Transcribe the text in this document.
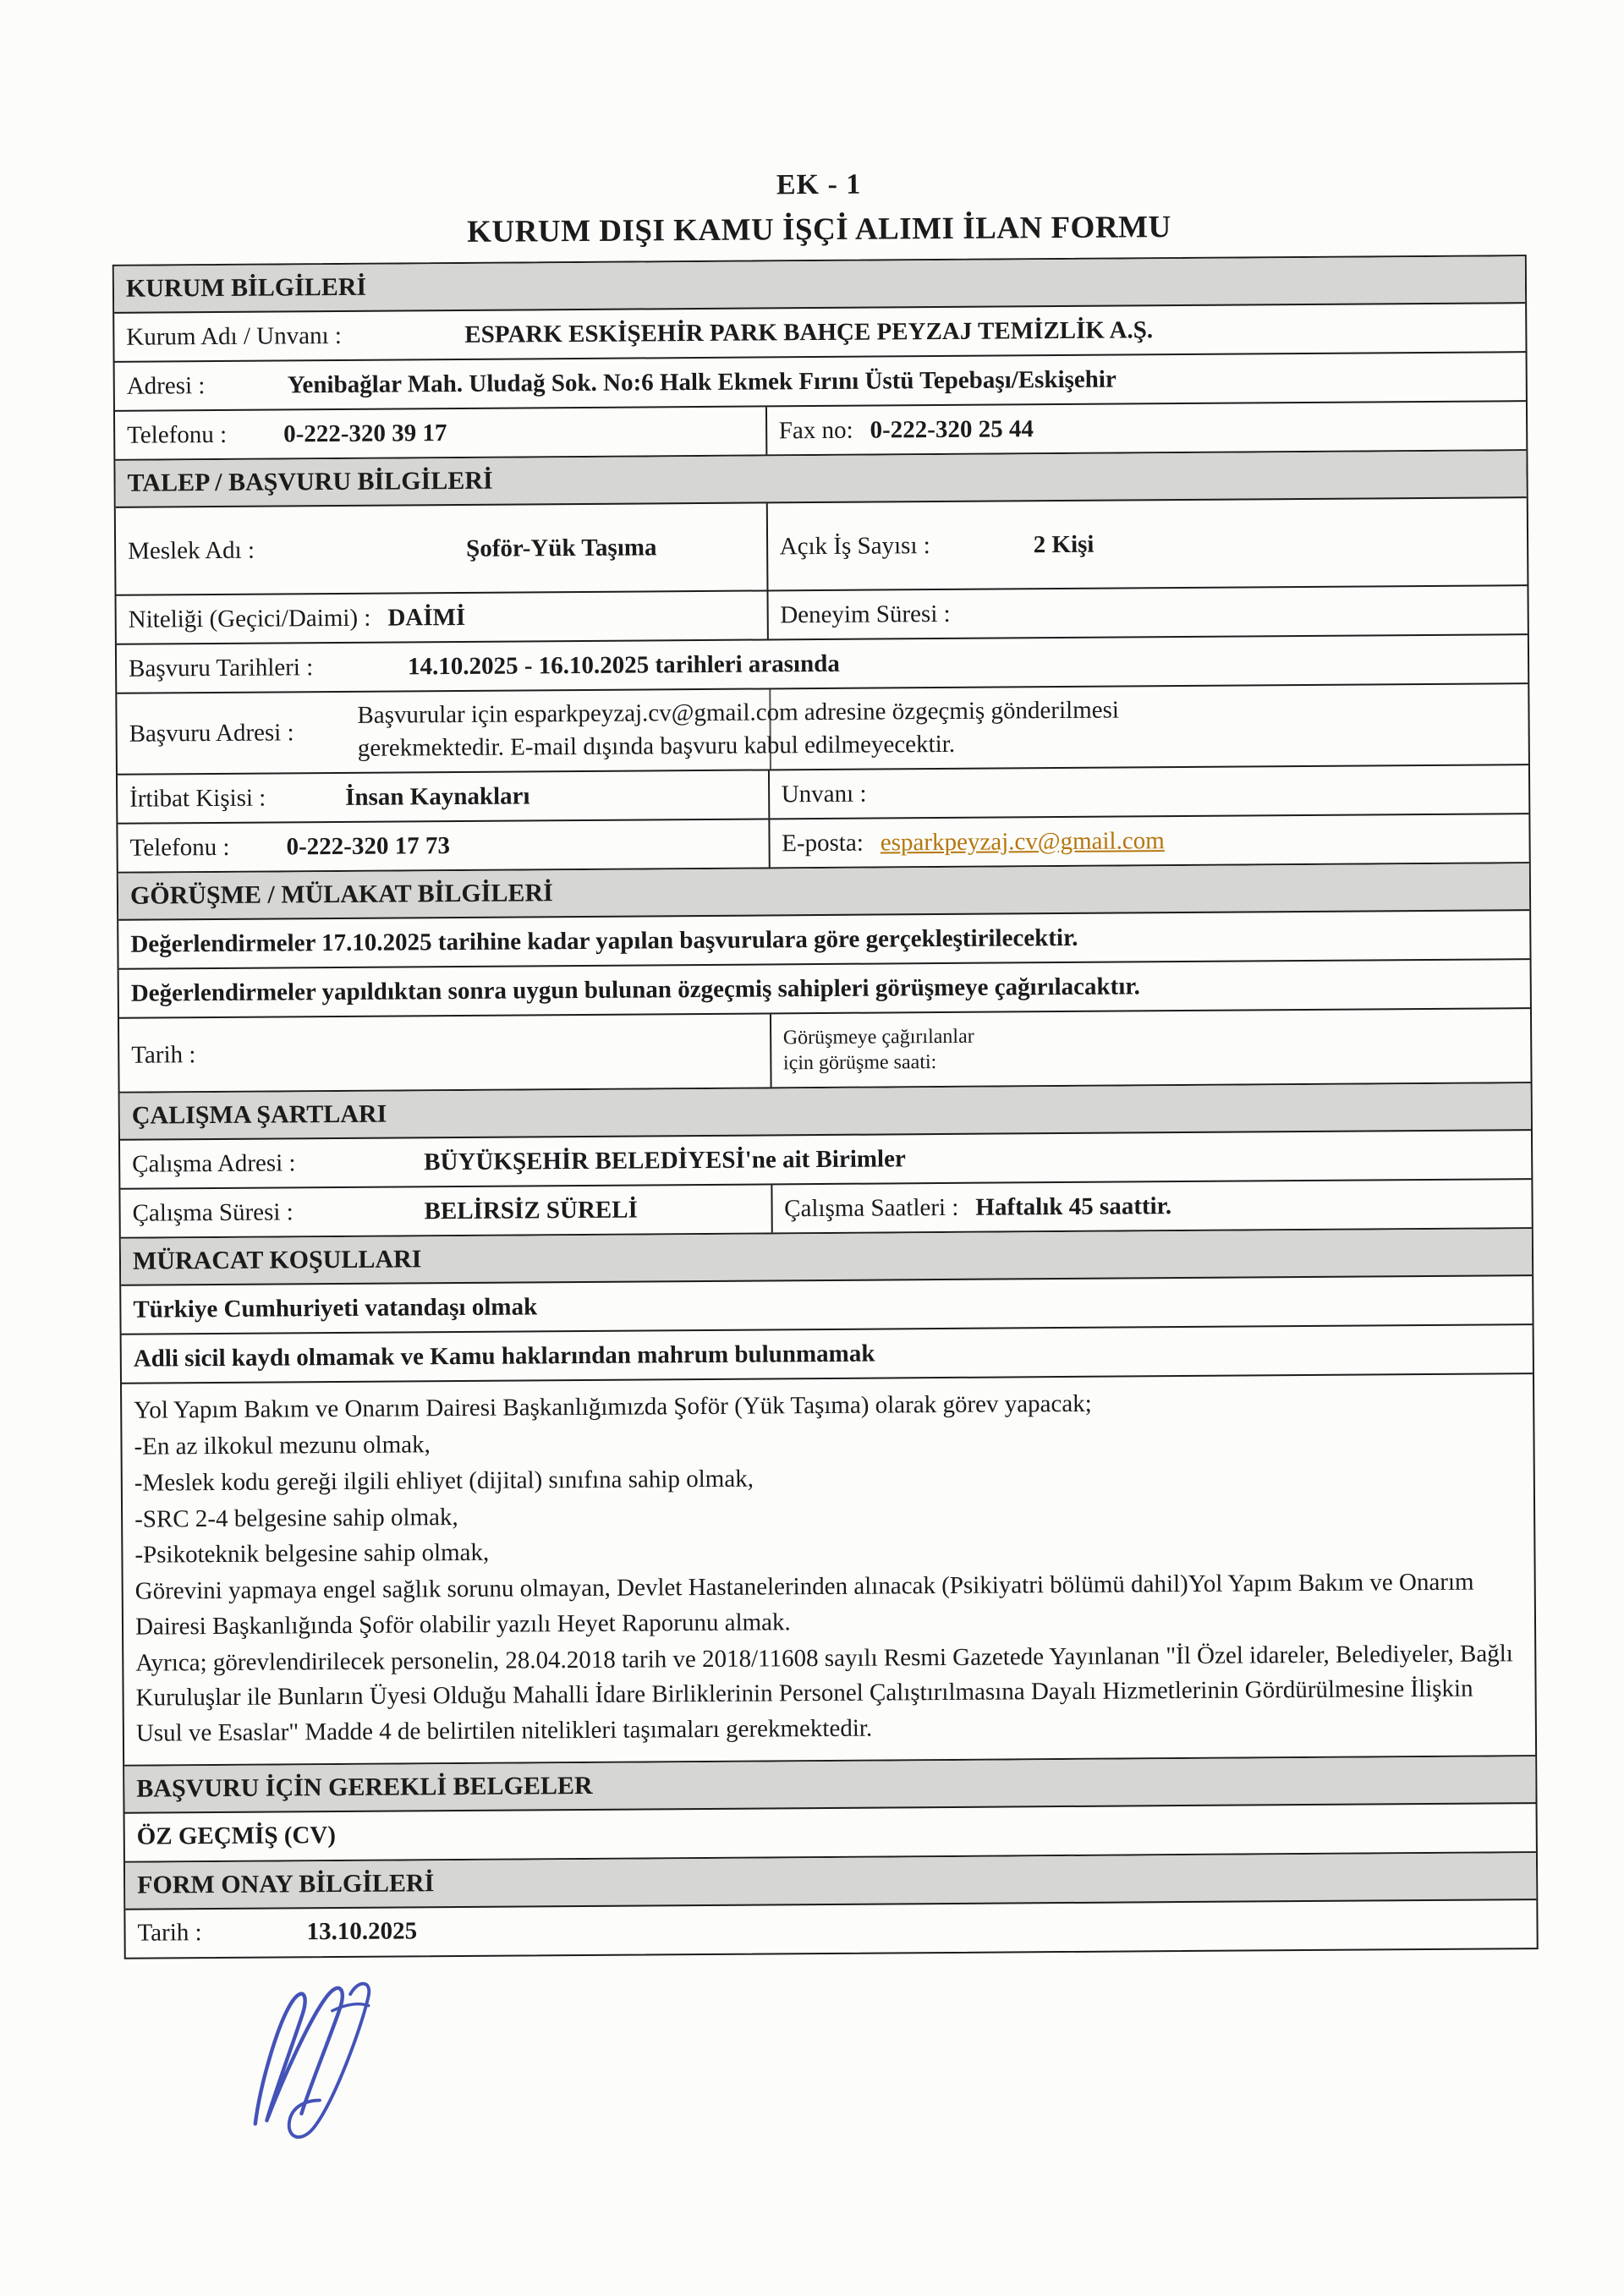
EK - 1
KURUM DIŞI KAMU İŞÇİ ALIMI İLAN FORMU
KURUM BİLGİLERİ
Kurum Adı / Unvanı :	ESPARK ESKİŞEHİR PARK BAHÇE PEYZAJ TEMİZLİK A.Ş.
Adresi :	Yenibağlar Mah. Uludağ Sok. No:6 Halk Ekmek Fırını Üstü Tepebaşı/Eskişehir
Telefonu :	0-222-320 39 17	Fax no: 0-222-320 25 44
TALEP / BAŞVURU BİLGİLERİ
Meslek Adı :	Şoför-Yük Taşıma	Açık İş Sayısı :	2 Kişi
Niteliği (Geçici/Daimi) : DAİMİ	Deneyim Süresi :
Başvuru Tarihleri :	14.10.2025 - 16.10.2025 tarihleri arasında
Başvuru Adresi :
Başvurular için esparkpeyzaj.cv@gmail.com adresine özgeçmiş gönderilmesi
gerekmektedir. E-mail dışında başvuru kabul edilmeyecektir.
İrtibat Kişisi :	İnsan Kaynakları	Unvanı :
Telefonu :	0-222-320 17 73	E-posta: esparkpeyzaj.cv@gmail.com
GÖRÜŞME / MÜLAKAT BİLGİLERİ
Değerlendirmeler 17.10.2025 tarihine kadar yapılan başvurulara göre gerçekleştirilecektir.
Değerlendirmeler yapıldıktan sonra uygun bulunan özgeçmiş sahipleri görüşmeye çağırılacaktır.
Tarih :
Görüşmeye çağırılanlar
için görüşme saati:
ÇALIŞMA ŞARTLARI
Çalışma Adresi :	BÜYÜKŞEHİR BELEDİYESİ'ne ait Birimler
Çalışma Süresi :	BELİRSİZ SÜRELİ	Çalışma Saatleri : Haftalık 45 saattir.
MÜRACAT KOŞULLARI
Türkiye Cumhuriyeti vatandaşı olmak
Adli sicil kaydı olmamak ve Kamu haklarından mahrum bulunmamak
Yol Yapım Bakım ve Onarım Dairesi Başkanlığımızda Şoför (Yük Taşıma) olarak görev yapacak;
-En az ilkokul mezunu olmak,
-Meslek kodu gereği ilgili ehliyet (dijital) sınıfına sahip olmak,
-SRC 2-4 belgesine sahip olmak,
-Psikoteknik belgesine sahip olmak,
Görevini yapmaya engel sağlık sorunu olmayan, Devlet Hastanelerinden alınacak (Psikiyatri bölümü dahil)Yol Yapım Bakım ve Onarım Dairesi Başkanlığında Şoför olabilir yazılı Heyet Raporunu almak.
Ayrıca; görevlendirilecek personelin, 28.04.2018 tarih ve 2018/11608 sayılı Resmi Gazetede Yayınlanan "İl Özel idareler, Belediyeler, Bağlı Kuruluşlar ile Bunların Üyesi Olduğu Mahalli İdare Birliklerinin Personel Çalıştırılmasına Dayalı Hizmetlerinin Gördürülmesine İlişkin Usul ve Esaslar" Madde 4 de belirtilen nitelikleri taşımaları gerekmektedir.
BAŞVURU İÇİN GEREKLİ BELGELER
ÖZ GEÇMİŞ (CV)
FORM ONAY BİLGİLERİ
Tarih :	13.10.2025
